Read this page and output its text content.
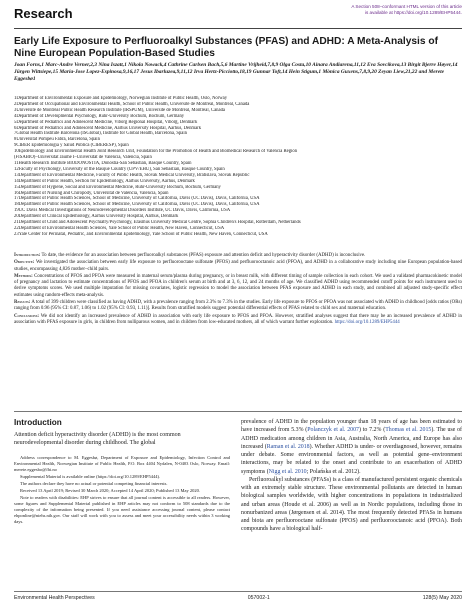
Research	A Section 508–conformant HTML version of this article
is available at https://doi.org/10.1289/EHP5444.
Early Life Exposure to Perfluoroalkyl Substances (PFAS) and ADHD: A Meta-Analysis of Nine European Population-Based Studies
Joan Forns,1 Marc-Andre Verner,2,3 Nina Iszatt,1 Nikola Nowack,4 Cathrine Carlsen Bach,5,6 Martine Vrijheid,7,8,9 Olga Costa,10 Ainara Andiarena,11,12 Eva Sovcikova,13 Birgit Bjerre Høyer,14 Jürgen Wittsiepe,15 Maria-Jose Lopez-Espinosa,9,16,17 Jesus Ibarluzea,9,11,12 Irva Hertz-Picciotto,18,19 Gunnar Toft,14 Hein Stigum,1 Mònica Guxens,7,8,9,20 Zeyan Liew,21,22 and Merete Eggesbø1
1Department of Environmental Exposure and Epidemiology, Norwegian Institute of Public Health, Oslo, Norway
2Department of Occupational and Environmental Health, School of Public Health, Université de Montréal, Montreal, Canada
3Université de Montréal Public Health Research Institute (IRSPUM), Université de Montréal, Montreal, Canada
4Department of Developmental Psychology, Ruhr-University Bochum, Bochum, Germany
5Department of Pediatrics and Adolescent Medicine, Viborg Regional Hospital, Viborg, Denmark
6Department of Pediatrics and Adolescent Medicine, Aarhus University Hospital, Aarhus, Denmark
7Global Health Institute Barcelona (ISGlobal), Institute for Global Health, Barcelona, Spain
8Universitat Pompeu Fabra, Barcelona, Spain
9CIBER Epidemiología y Salud Pública (CIBERESP), Spain
10Epidemiology and Environmental Health Joint Research Unit, Foundation for the Promotion of Health and Biomedical Research of Valencia Region
(FISABIO)–Universitat Jaume I–Universitat de València, Valencia, Spain
11Health Research Institute BIODONOSTIA, Donostia-San Sebastian, Basque Country, Spain
12Faculty of Psychology, University of the Basque Country (UPV/EHU), San Sebastian, Basque Country, Spain
13Department of Environmental Medicine, Faculty of Public Health, Slovak Medical University, Bratislava, Slovak Republic
14Department of Public Health, Section for Epidemiology, Aarhus University, Aarhus, Denmark
15Department of Hygiene, Social and Environmental Medicine, Ruhr-University Bochum, Bochum, Germany
16Department of Nursing and Chiropody, Universitat de València, Valencia, Spain
17Department of Public Health Sciences, School of Medicine, University of California, Davis (UC Davis), Davis, California, USA
18Department of Public Health Sciences, School of Medicine, University of California, Davis (UC Davis), Davis, California, USA
19UC Davis Medical Investigations of Neurodevelopmental Disorders Institute, UC Davis, Davis, California, USA
20Department of Clinical Epidemiology, Aarhus University Hospital, Aarhus, Denmark
21Department of Child and Adolescent Psychiatry/Psychology, Erasmus University Medical Centre, Sophia Children's Hospital, Rotterdam, Netherlands
22Department of Environmental Health Sciences, Yale School of Public Health, New Haven, Connecticut, USA
23Yale Center for Perinatal, Pediatric, and Environmental Epidemiology, Yale School of Public Health, New Haven, Connecticut, USA

Introduction: To date, the evidence for an association between perfluoroalkyl substances (PFAS) exposure and attention deficit and hyperactivity disorder (ADHD) is inconclusive.

Objective: We investigated the association between early life exposure to perfluorooctane sulfonate (PFOS) and perfluorooctanoic acid (PFOA), and ADHD in a collaborative study including nine European population-based studies, encompassing 4,826 mother–child pairs.

Methods: Concentrations of PFOS and PFOA were measured in maternal serum/plasma during pregnancy, or in breast milk, with different timing of sample collection in each cohort. We used a validated pharmacokinetic model of pregnancy and lactation to estimate concentrations of PFOS and PFOA in children's serum at birth and at 3, 6, 12, and 24 months of age. We classified ADHD using recommended cutoff points for each instrument used to derive symptoms scores. We used multiple imputation for missing covariates, logistic regression to model the association between PFAS exposure and ADHD in each study, and combined all adjusted study-specific effect estimates using random-effects meta-analysis.

Results: A total of 399 children were classified as having ADHD, with a prevalence ranging from 2.3% to 7.3% in the studies. Early life exposure to PFOS or PFOA was not associated with ADHD in childhood [odds ratios (ORs) ranging from 0.96 (95% CI: 0.87, 1.06) to 1.02 (95% CI: 0.93, 1.11)]. Results from stratified models suggest potential differential effects of PFAS related to child sex and maternal education.

Conclusions: We did not identify an increased prevalence of ADHD in association with early life exposure to PFOS and PFOA. However, stratified analyses suggest that there may be an increased prevalence of ADHD in association with PFAS exposure in girls, in children from nulliparous women, and in children from low-educated mothers, all of which warrant further exploration. https://doi.org/10.1289/EHP5444

Introduction
Attention deficit hyperactivity disorder (ADHD) is the most common neurodevelopmental disorder during childhood. The global

Address correspondence to M. Eggesbø, Department of Exposure and Epidemiology, Infection Control and Environmental Health, Norwegian Institute of Public Health, P.O. Box 4404 Nydalen, N-0403 Oslo, Norway. Email: merete.eggesbo@fhi.no

Supplemental Material is available online (https://doi.org/10.1289/EHP5444).

The authors declare they have no actual or potential competing financial interests.

Received 13 April 2019; Revised 30 March 2020; Accepted 14 April 2020; Published 13 May 2020.

Note to readers with disabilities: EHP strives to ensure that all journal content is accessible to all readers. However, some figures and Supplemental Material published in EHP articles may not conform to 508 standards due to the complexity of the information being presented. If you need assistance accessing journal content, please contact ehponline@niehs.nih.gov. Our staff will work with you to assess and meet your accessibility needs within 3 working days.

prevalence of ADHD in the population younger than 18 years of age has been estimated to have increased from 5.3% (Polanczyk et al. 2007) to 7.2% (Thomas et al. 2015). The use of ADHD medication among children in Asia, Australia, North America, and Europe has also increased (Raman et al. 2018). Whether ADHD is under- or overdiagnosed, however, remains under debate. Some environmental factors, as well as potential gene–environment interactions, may be related to the onset and contribute to an exacerbation of ADHD symptoms (Nigg et al. 2010; Polańska et al. 2012).

Perfluoroalkyl substances (PFASs) is a class of manufactured persistent organic chemicals with an extremely stable structure. These environmental pollutants are detected in human biological samples worldwide, with higher concentrations in populations in industrialized and urban areas (Houde et al. 2006) as well as in Nordic populations, including those in nonurbanized areas (Jørgensen et al. 2014). The most frequently detected PFASs in humans and biota are perfluorooctane sulfonate (PFOS) and perfluorooctanoic acid (PFOA). Both compounds have a biological half-

Environmental Health Perspectives	057002-1	128(5) May 2020
